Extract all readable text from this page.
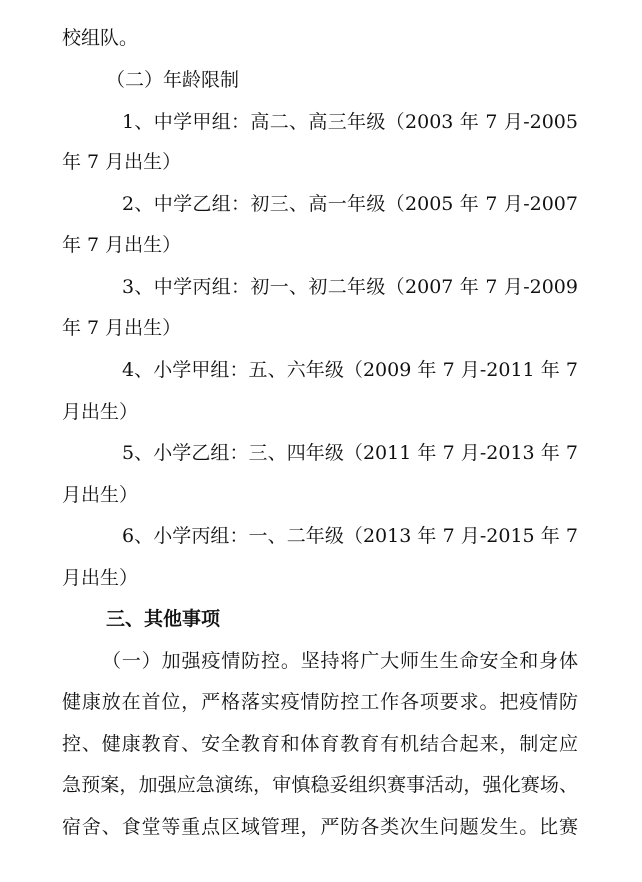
校组队。
（二）年龄限制
1、中学甲组：高二、高三年级（2003 年 7 月-2005
年 7 月出生）
2、中学乙组：初三、高一年级（2005 年 7 月-2007
年 7 月出生）
3、中学丙组：初一、初二年级（2007 年 7 月-2009
年 7 月出生）
4、小学甲组：五、六年级（2009 年 7 月-2011 年 7
月出生）
5、小学乙组：三、四年级（2011 年 7 月-2013 年 7
月出生）
6、小学丙组：一、二年级（2013 年 7 月-2015 年 7
月出生）
三、其他事项
（一）加强疫情防控。坚持将广大师生生命安全和身体
健康放在首位，严格落实疫情防控工作各项要求。把疫情防
控、健康教育、安全教育和体育教育有机结合起来，制定应
急预案，加强应急演练，审慎稳妥组织赛事活动，强化赛场、
宿舍、食堂等重点区域管理，严防各类次生问题发生。比赛
